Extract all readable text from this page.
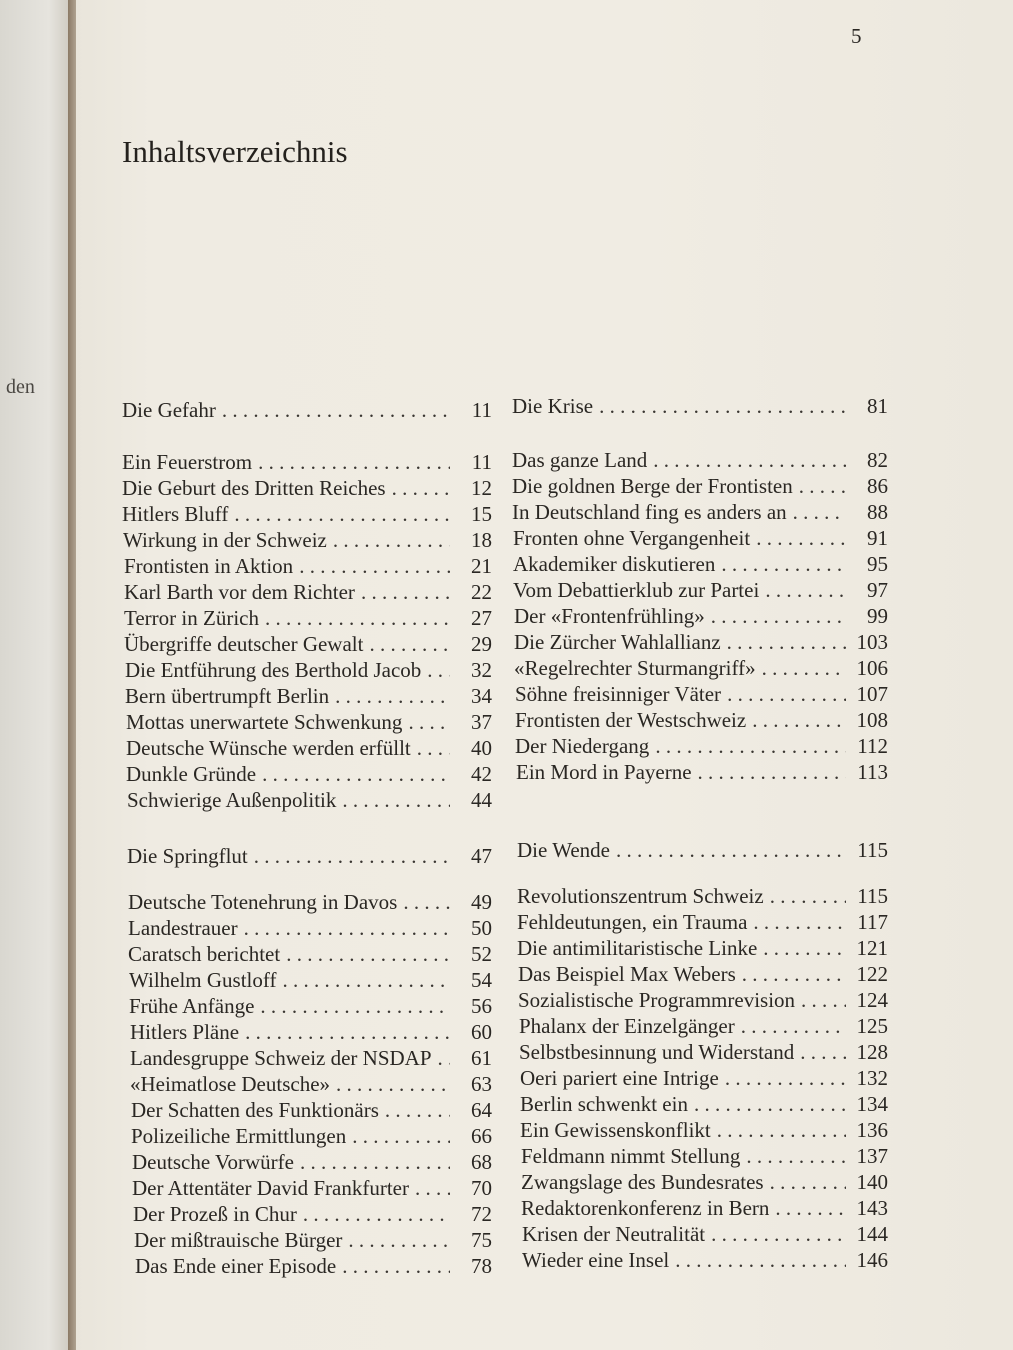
den
5
Inhaltsverzeichnis
Die Gefahr . . .	11
Ein Feuerstrom . . .	11
Die Geburt des Dritten Reiches . . .	12
Hitlers Bluff . . .	15
Wirkung in der Schweiz . . .	18
Frontisten in Aktion . . .	21
Karl Barth vor dem Richter . . .	22
Terror in Zürich . . .	27
Übergriffe deutscher Gewalt . . .	29
Die Entführung des Berthold Jacob . . .	32
Bern übertrumpft Berlin . . .	34
Mottas unerwartete Schwenkung . . .	37
Deutsche Wünsche werden erfüllt . . .	40
Dunkle Gründe . . .	42
Schwierige Außenpolitik . . .	44
Die Springflut . . .	47
Deutsche Totenehrung in Davos . . .	49
Landestrauer . . .	50
Caratsch berichtet . . .	52
Wilhelm Gustloff . . .	54
Frühe Anfänge . . .	56
Hitlers Pläne . . .	60
Landesgruppe Schweiz der NSDAP . . .	61
«Heimatlose Deutsche» . . .	63
Der Schatten des Funktionärs . . .	64
Polizeiliche Ermittlungen . . .	66
Deutsche Vorwürfe . . .	68
Der Attentäter David Frankfurter . . .	70
Der Prozeß in Chur . . .	72
Der mißtrauische Bürger . . .	75
Das Ende einer Episode . . .	78
Die Krise . . .	81
Das ganze Land . . .	82
Die goldnen Berge der Frontisten . . .	86
In Deutschland fing es anders an . . .	88
Fronten ohne Vergangenheit . . .	91
Akademiker diskutieren . . .	95
Vom Debattierklub zur Partei . . .	97
Der «Frontenfrühling» . . .	99
Die Zürcher Wahlallianz . . .	103
«Regelrechter Sturmangriff» . . .	106
Söhne freisinniger Väter . . .	107
Frontisten der Westschweiz . . .	108
Der Niedergang . . .	112
Ein Mord in Payerne . . .	113
Die Wende . . .	115
Revolutionszentrum Schweiz . . .	115
Fehldeutungen, ein Trauma . . .	117
Die antimilitaristische Linke . . .	121
Das Beispiel Max Webers . . .	122
Sozialistische Programmrevision . . .	124
Phalanx der Einzelgänger . . .	125
Selbstbesinnung und Widerstand . . .	128
Oeri pariert eine Intrige . . .	132
Berlin schwenkt ein . . .	134
Ein Gewissenskonflikt . . .	136
Feldmann nimmt Stellung . . .	137
Zwangslage des Bundesrates . . .	140
Redaktorenkonferenz in Bern . . .	143
Krisen der Neutralität . . .	144
Wieder eine Insel . . .	146
